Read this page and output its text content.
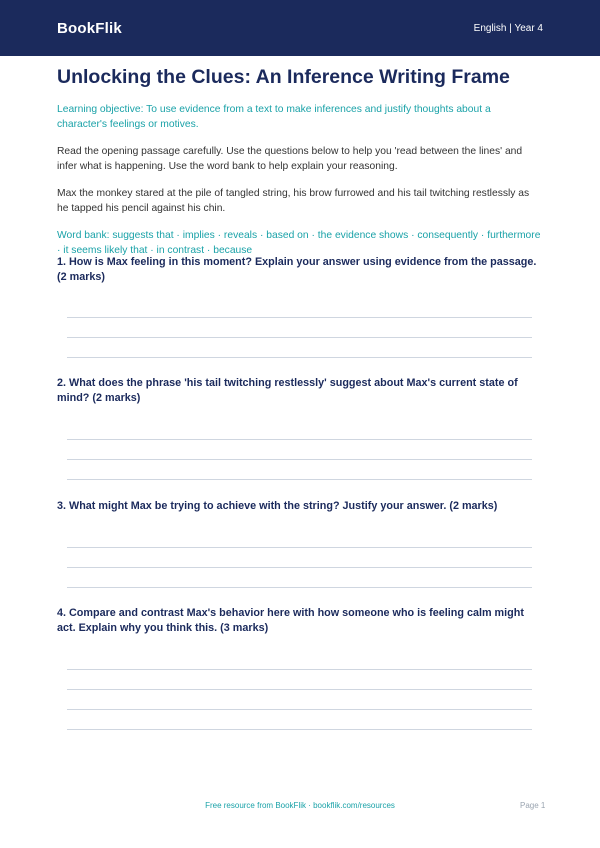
BookFlik	English | Year 4
Unlocking the Clues: An Inference Writing Frame
Learning objective: To use evidence from a text to make inferences and justify thoughts about a character's feelings or motives.
Read the opening passage carefully. Use the questions below to help you 'read between the lines' and infer what is happening. Use the word bank to help explain your reasoning.
Max the monkey stared at the pile of tangled string, his brow furrowed and his tail twitching restlessly as he tapped his pencil against his chin.
Word bank: suggests that · implies · reveals · based on · the evidence shows · consequently · furthermore · it seems likely that · in contrast · because
1. How is Max feeling in this moment? Explain your answer using evidence from the passage. (2 marks)
2. What does the phrase 'his tail twitching restlessly' suggest about Max's current state of mind? (2 marks)
3. What might Max be trying to achieve with the string? Justify your answer. (2 marks)
4. Compare and contrast Max's behavior here with how someone who is feeling calm might act. Explain why you think this. (3 marks)
Free resource from BookFlik · bookflik.com/resources	Page 1
